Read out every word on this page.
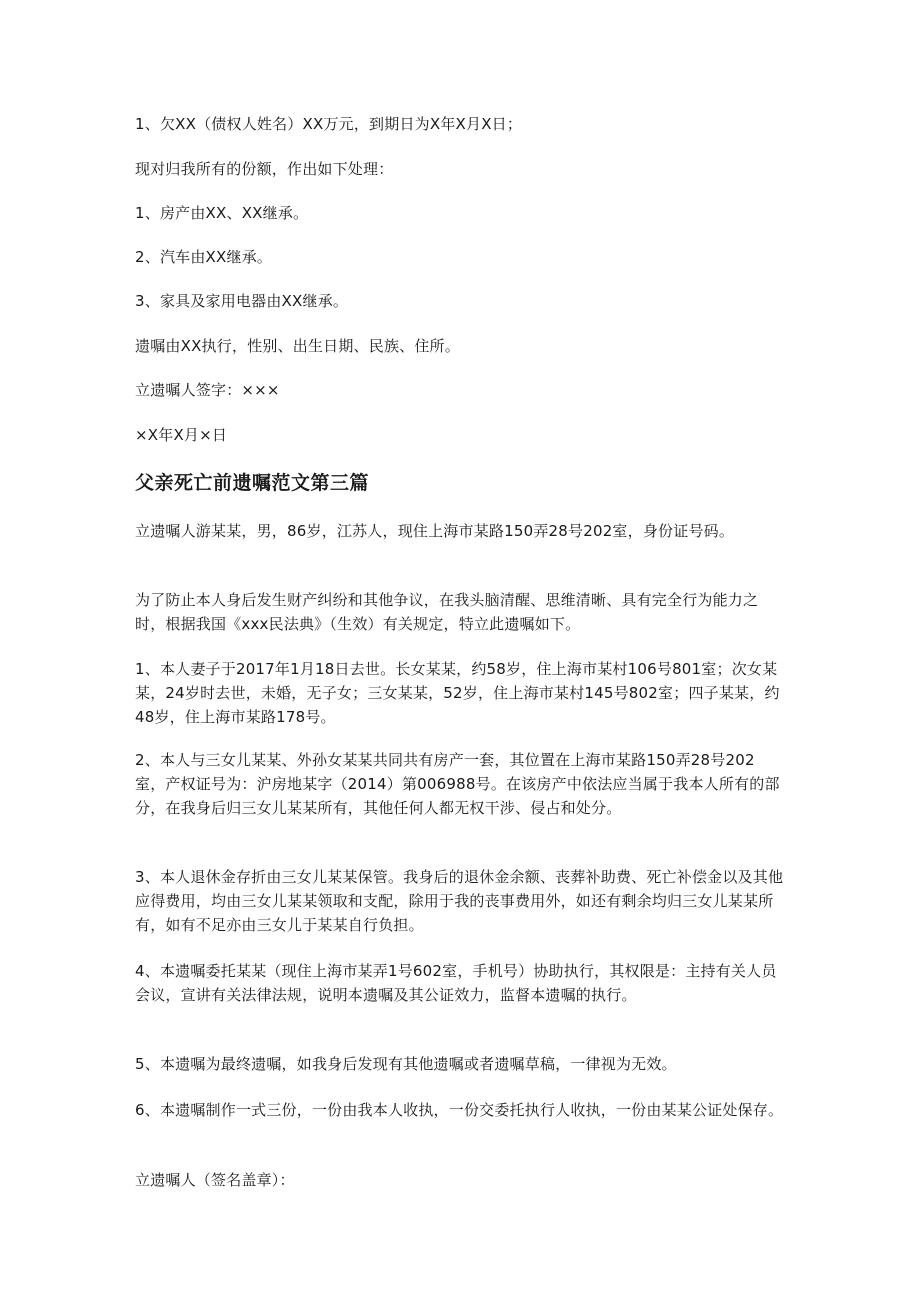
1、欠XX（债权人姓名）XX万元，到期日为X年X月X日；

现对归我所有的份额，作出如下处理：

1、房产由XX、XX继承。

2、汽车由XX继承。

3、家具及家用电器由XX继承。

遗嘱由XX执行，性别、出生日期、民族、住所。

立遗嘱人签字：×××

×X年X月×日

父亲死亡前遗嘱范文第三篇

立遗嘱人游某某，男，86岁，江苏人，现住上海市某路150弄28号202室，身份证号码。

为了防止本人身后发生财产纠纷和其他争议，在我头脑清醒、思维清晰、具有完全行为能力之时，根据我国《xxx民法典》（生效）有关规定，特立此遗嘱如下。

1、本人妻子于2017年1月18日去世。长女某某，约58岁，住上海市某村106号801室；次女某某，24岁时去世，未婚，无子女；三女某某，52岁，住上海市某村145号802室；四子某某，约48岁，住上海市某路178号。

2、本人与三女儿某某、外孙女某某共同共有房产一套，其位置在上海市某路150弄28号202室，产权证号为：沪房地某字（2014）第006988号。在该房产中依法应当属于我本人所有的部分，在我身后归三女儿某某所有，其他任何人都无权干涉、侵占和处分。

3、本人退休金存折由三女儿某某保管。我身后的退休金余额、丧葬补助费、死亡补偿金以及其他应得费用，均由三女儿某某领取和支配，除用于我的丧事费用外，如还有剩余均归三女儿某某所有，如有不足亦由三女儿于某某自行负担。

4、本遗嘱委托某某（现住上海市某弄1号602室，手机号）协助执行，其权限是：主持有关人员会议，宣讲有关法律法规，说明本遗嘱及其公证效力，监督本遗嘱的执行。

5、本遗嘱为最终遗嘱，如我身后发现有其他遗嘱或者遗嘱草稿，一律视为无效。

6、本遗嘱制作一式三份，一份由我本人收执，一份交委托执行人收执，一份由某某公证处保存。

立遗嘱人（签名盖章）：
